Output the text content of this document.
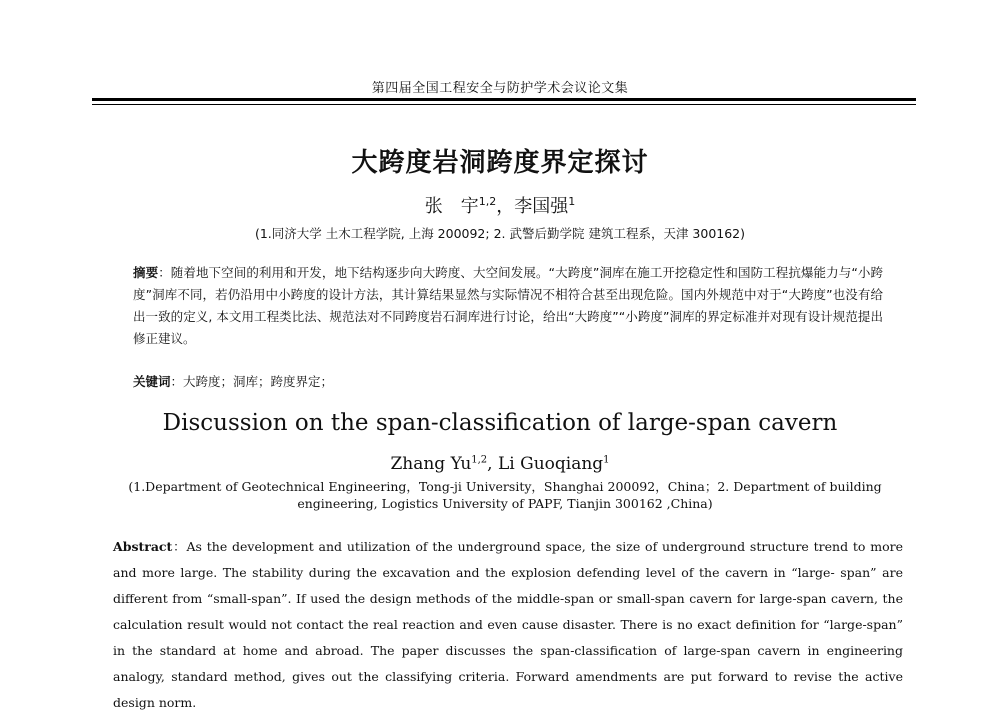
第四届全国工程安全与防护学术会议论文集
大跨度岩洞跨度界定探讨
张　宇$^{1,2}$，李国强$^1$
(1.同济大学 土木工程学院, 上海 200092; 2. 武警后勤学院 建筑工程系，天津 300162)
摘要：随着地下空间的利用和开发，地下结构逐步向大跨度、大空间发展。“大跨度”洞库在施工开挖稳定性和国防工程抗爆能力与“小跨度”洞库不同，若仍沿用中小跨度的设计方法，其计算结果显然与实际情况不相符合甚至出现危险。国内外规范中对于“大跨度”也没有给出一致的定义, 本文用工程类比法、规范法对不同跨度岩石洞库进行讨论，给出“大跨度”“小跨度”洞库的界定标准并对现有设计规范提出修正建议。
关键词：大跨度；洞库；跨度界定；
Discussion on the span-classification of large-span cavern
Zhang Yu$^{1,2}$, Li Guoqiang$^1$
(1.Department of Geotechnical Engineering，Tong-ji University，Shanghai 200092，China；2. Department of building engineering, Logistics University of PAPF, Tianjin 300162 ,China)
Abstract：As the development and utilization of the underground space, the size of underground structure trend to more and more large. The stability during the excavation and the explosion defending level of the cavern in “large- span” are different from “small-span”. If used the design methods of the middle-span or small-span cavern for large-span cavern, the calculation result would not contact the real reaction and even cause disaster. There is no exact definition for “large-span” in the standard at home and abroad. The paper discusses the span-classification of large-span cavern in engineering analogy, standard method, gives out the classifying criteria. Forward amendments are put forward to revise the active design norm.
